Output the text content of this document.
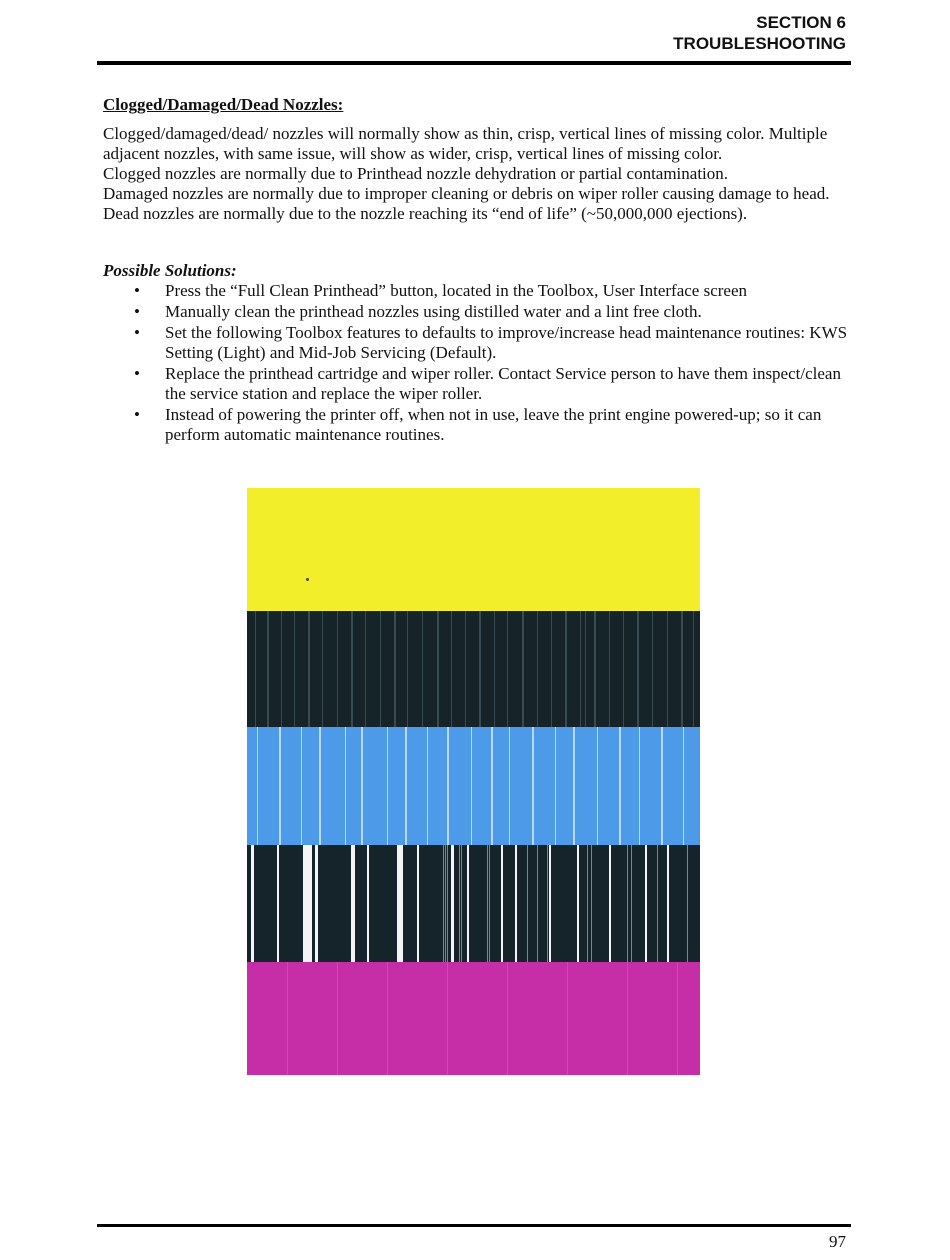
SECTION 6
TROUBLESHOOTING
Clogged/Damaged/Dead Nozzles:

Clogged/damaged/dead/ nozzles will normally show as thin, crisp, vertical lines of missing color. Multiple adjacent nozzles, with same issue, will show as wider, crisp, vertical lines of missing color.

Clogged nozzles are normally due to Printhead nozzle dehydration or partial contamination.

Damaged nozzles are normally due to improper cleaning or debris on wiper roller causing damage to head.

Dead nozzles are normally due to the nozzle reaching its “end of life” (~50,000,000 ejections).

Possible Solutions:
• Press the “Full Clean Printhead” button, located in the Toolbox, User Interface screen
• Manually clean the printhead nozzles using distilled water and a lint free cloth.
• Set the following Toolbox features to defaults to improve/increase head maintenance routines: KWS Setting (Light) and Mid-Job Servicing (Default).
• Replace the printhead cartridge and wiper roller. Contact Service person to have them inspect/clean the service station and replace the wiper roller.
• Instead of powering the printer off, when not in use, leave the print engine powered-up; so it can perform automatic maintenance routines.
97
